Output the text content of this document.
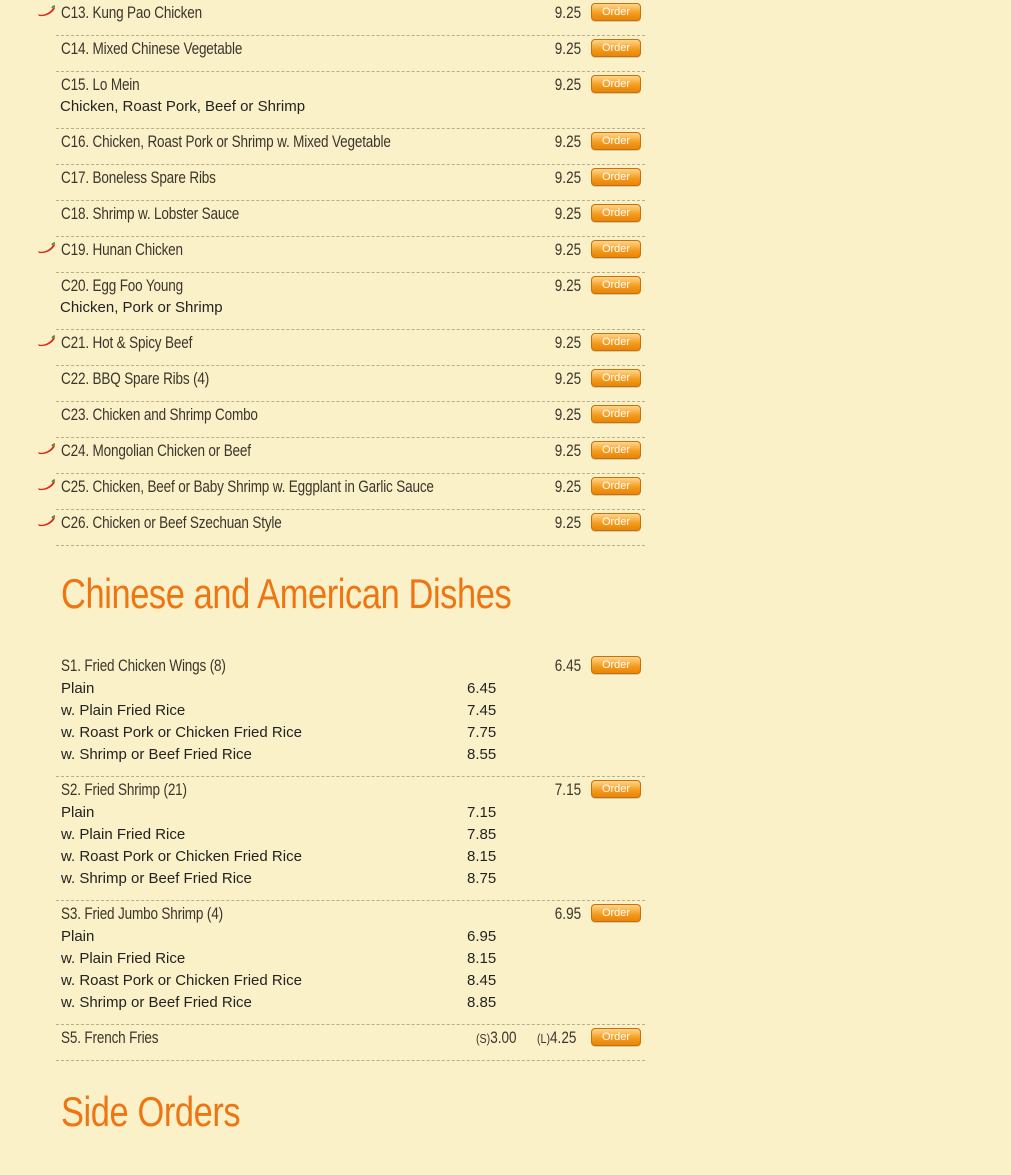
C13. Kung Pao Chicken	9.25	Order
C14. Mixed Chinese Vegetable	9.25	Order
C15. Lo Mein
Chicken, Roast Pork, Beef or Shrimp
9.25	Order
C16. Chicken, Roast Pork or Shrimp w. Mixed Vegetable	9.25	Order
C17. Boneless Spare Ribs	9.25	Order
C18. Shrimp w. Lobster Sauce	9.25	Order
C19. Hunan Chicken	9.25	Order
C20. Egg Foo Young
Chicken, Pork or Shrimp
9.25	Order
C21. Hot & Spicy Beef	9.25	Order
C22. BBQ Spare Ribs (4)	9.25	Order
C23. Chicken and Shrimp Combo	9.25	Order
C24. Mongolian Chicken or Beef	9.25	Order
C25. Chicken, Beef or Baby Shrimp w. Eggplant in Garlic Sauce	9.25	Order
C26. Chicken or Beef Szechuan Style	9.25	Order
Chinese and American Dishes
S1. Fried Chicken Wings (8)	6.45	Order
Plain	6.45
w. Plain Fried Rice	7.45
w. Roast Pork or Chicken Fried Rice	7.75
w. Shrimp or Beef Fried Rice	8.55
S2. Fried Shrimp (21)	7.15	Order
Plain	7.15
w. Plain Fried Rice	7.85
w. Roast Pork or Chicken Fried Rice	8.15
w. Shrimp or Beef Fried Rice	8.75
S3. Fried Jumbo Shrimp (4)	6.95	Order
Plain	6.95
w. Plain Fried Rice	8.15
w. Roast Pork or Chicken Fried Rice	8.45
w. Shrimp or Beef Fried Rice	8.85
S5. French Fries	(S)3.00 (L)4.25	Order
Side Orders
